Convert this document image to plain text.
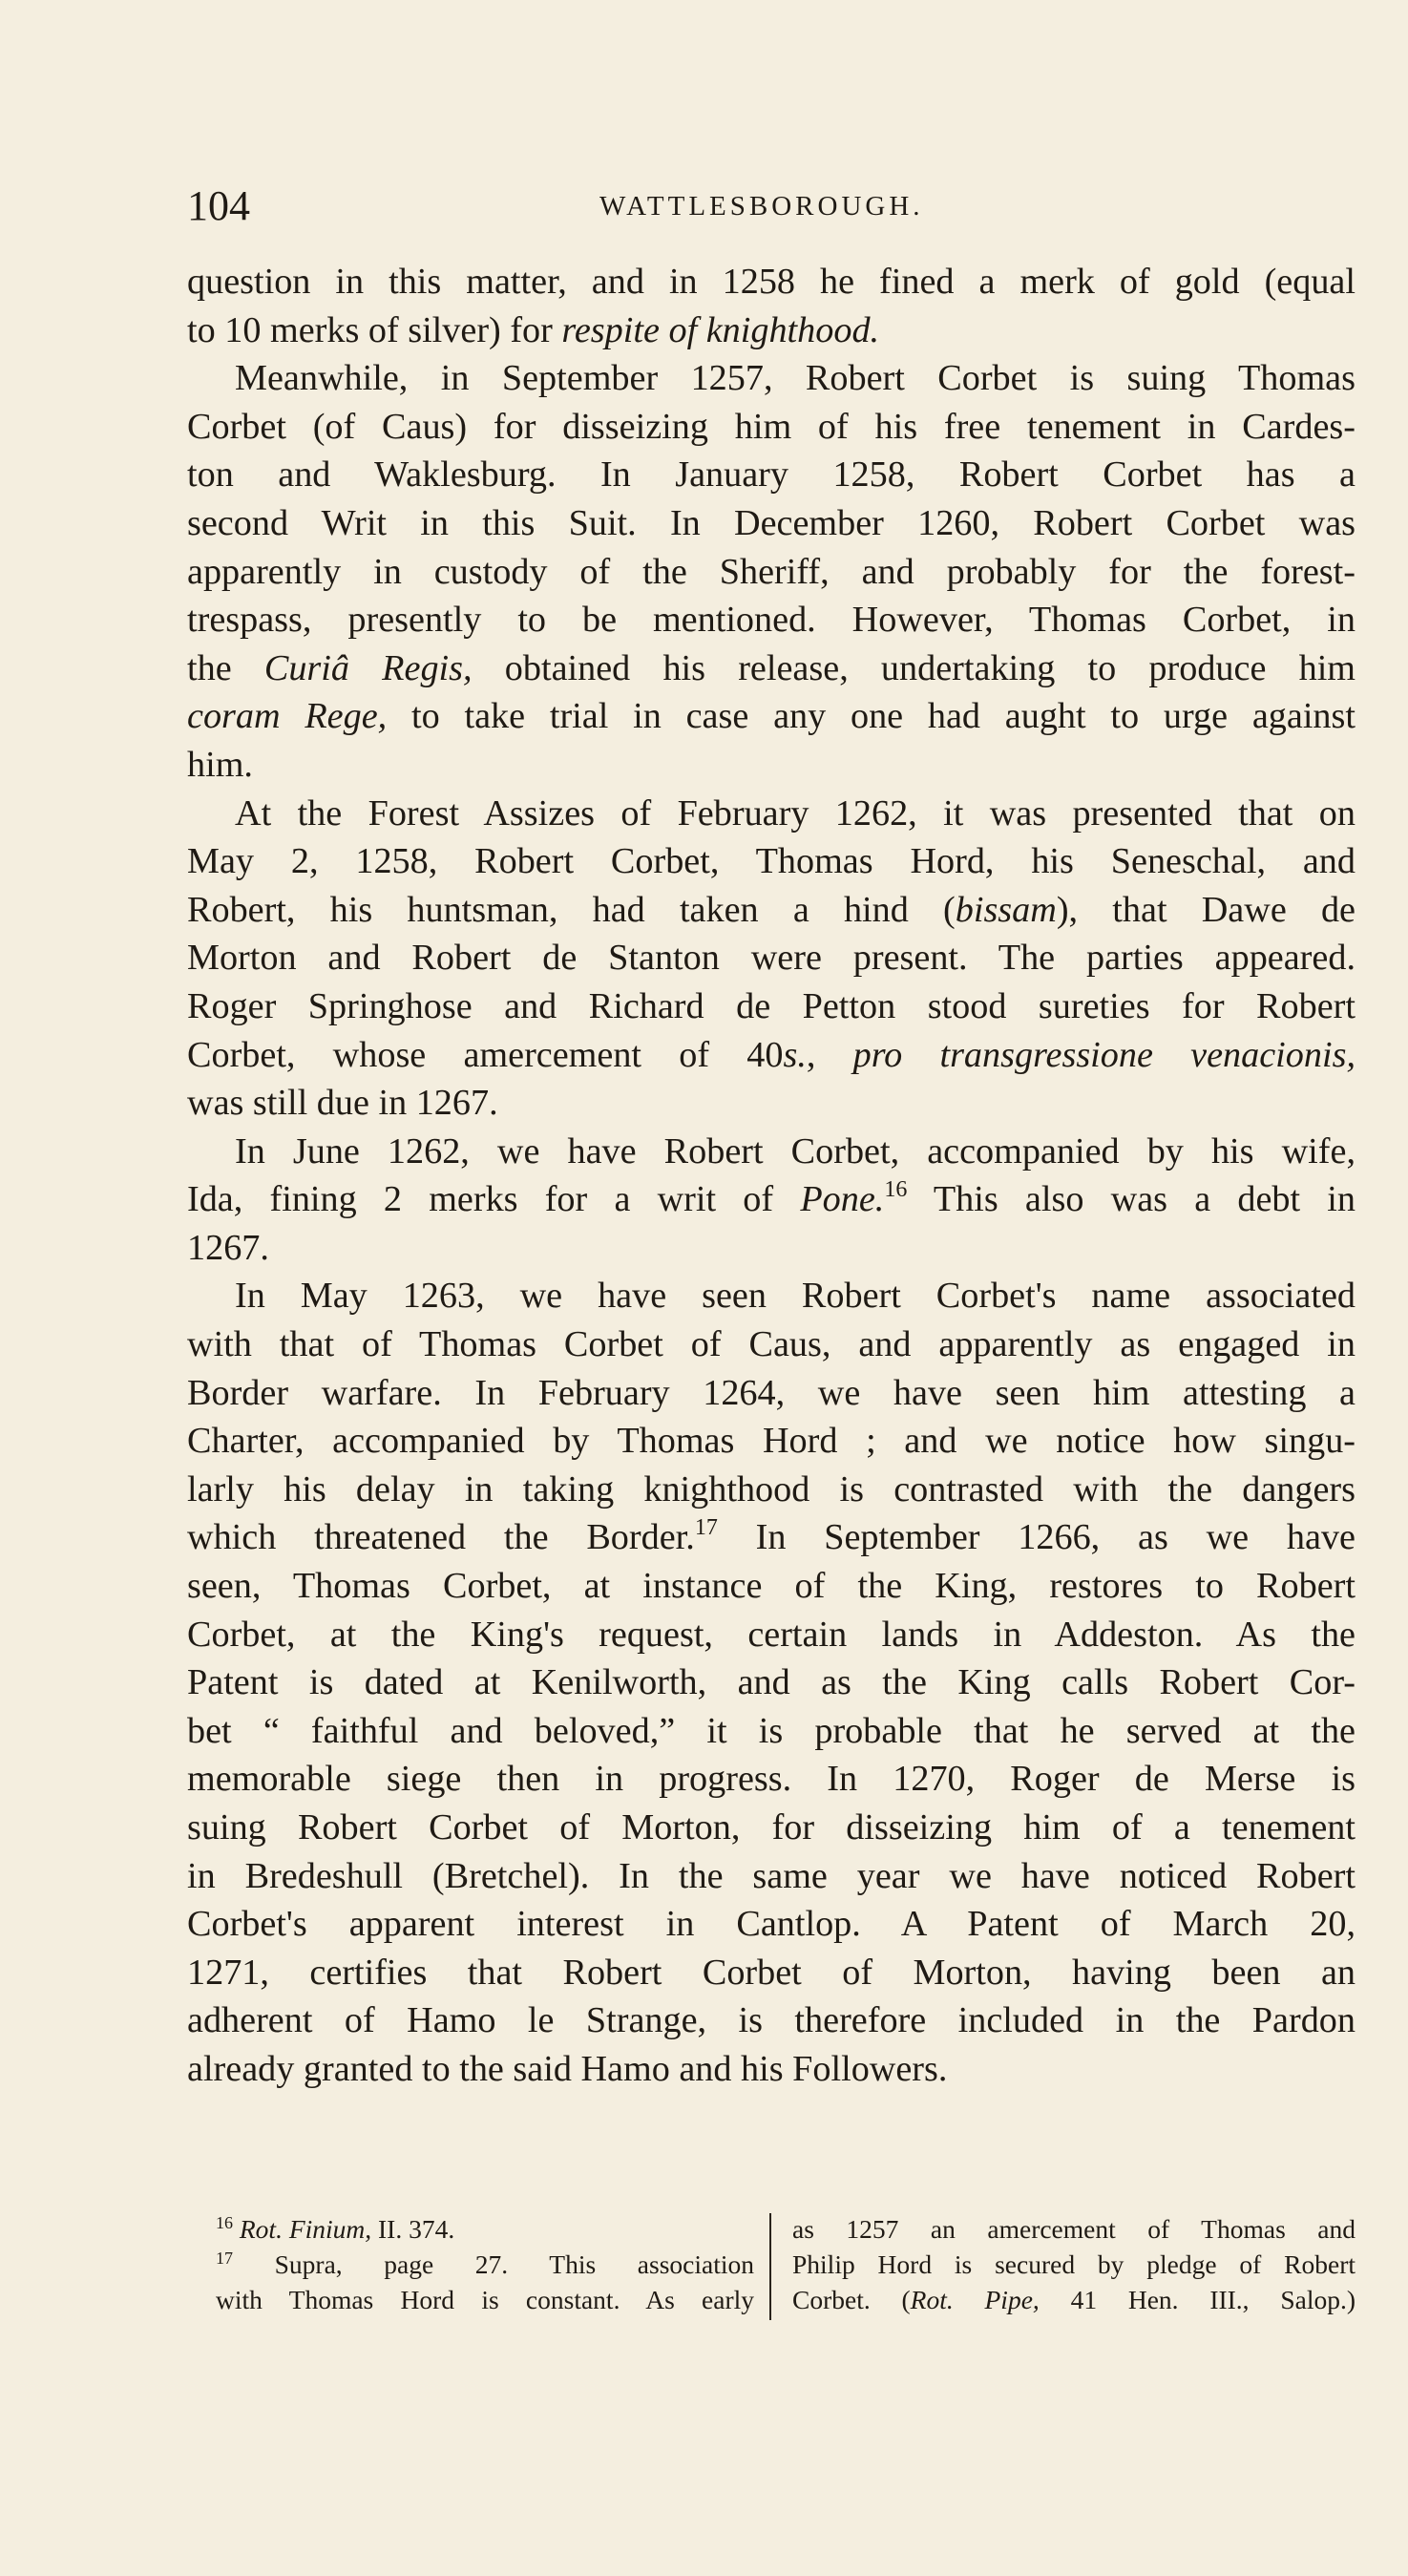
104	WATTLESBOROUGH.
question in this matter, and in 1258 he fined a merk of gold (equal
to 10 merks of silver) for respite of knighthood.
Meanwhile, in September 1257, Robert Corbet is suing Thomas
Corbet (of Caus) for disseizing him of his free tenement in Cardes-
ton and Waklesburg. In January 1258, Robert Corbet has a
second Writ in this Suit. In December 1260, Robert Corbet was
apparently in custody of the Sheriff, and probably for the forest-
trespass, presently to be mentioned. However, Thomas Corbet, in
the Curiâ Regis, obtained his release, undertaking to produce him
coram Rege, to take trial in case any one had aught to urge against
him.
At the Forest Assizes of February 1262, it was presented that on
May 2, 1258, Robert Corbet, Thomas Hord, his Seneschal, and
Robert, his huntsman, had taken a hind (bissam), that Dawe de
Morton and Robert de Stanton were present. The parties appeared.
Roger Springhose and Richard de Petton stood sureties for Robert
Corbet, whose amercement of 40s., pro transgressione venacionis,
was still due in 1267.
In June 1262, we have Robert Corbet, accompanied by his wife,
Ida, fining 2 merks for a writ of Pone.$^{16}$ This also was a debt in
1267.
In May 1263, we have seen Robert Corbet's name associated
with that of Thomas Corbet of Caus, and apparently as engaged in
Border warfare. In February 1264, we have seen him attesting a
Charter, accompanied by Thomas Hord ; and we notice how singu-
larly his delay in taking knighthood is contrasted with the dangers
which threatened the Border.$^{17}$ In September 1266, as we have
seen, Thomas Corbet, at instance of the King, restores to Robert
Corbet, at the King's request, certain lands in Addeston. As the
Patent is dated at Kenilworth, and as the King calls Robert Cor-
bet “ faithful and beloved,” it is probable that he served at the
memorable siege then in progress. In 1270, Roger de Merse is
suing Robert Corbet of Morton, for disseizing him of a tenement
in Bredeshull (Bretchel). In the same year we have noticed Robert
Corbet's apparent interest in Cantlop. A Patent of March 20,
1271, certifies that Robert Corbet of Morton, having been an
adherent of Hamo le Strange, is therefore included in the Pardon
already granted to the said Hamo and his Followers.
$^{16}$ Rot. Finium, II. 374.
$^{17}$ Supra, page 27. This association
with Thomas Hord is constant. As early
as 1257 an amercement of Thomas and
Philip Hord is secured by pledge of Robert
Corbet. (Rot. Pipe, 41 Hen. III., Salop.)
